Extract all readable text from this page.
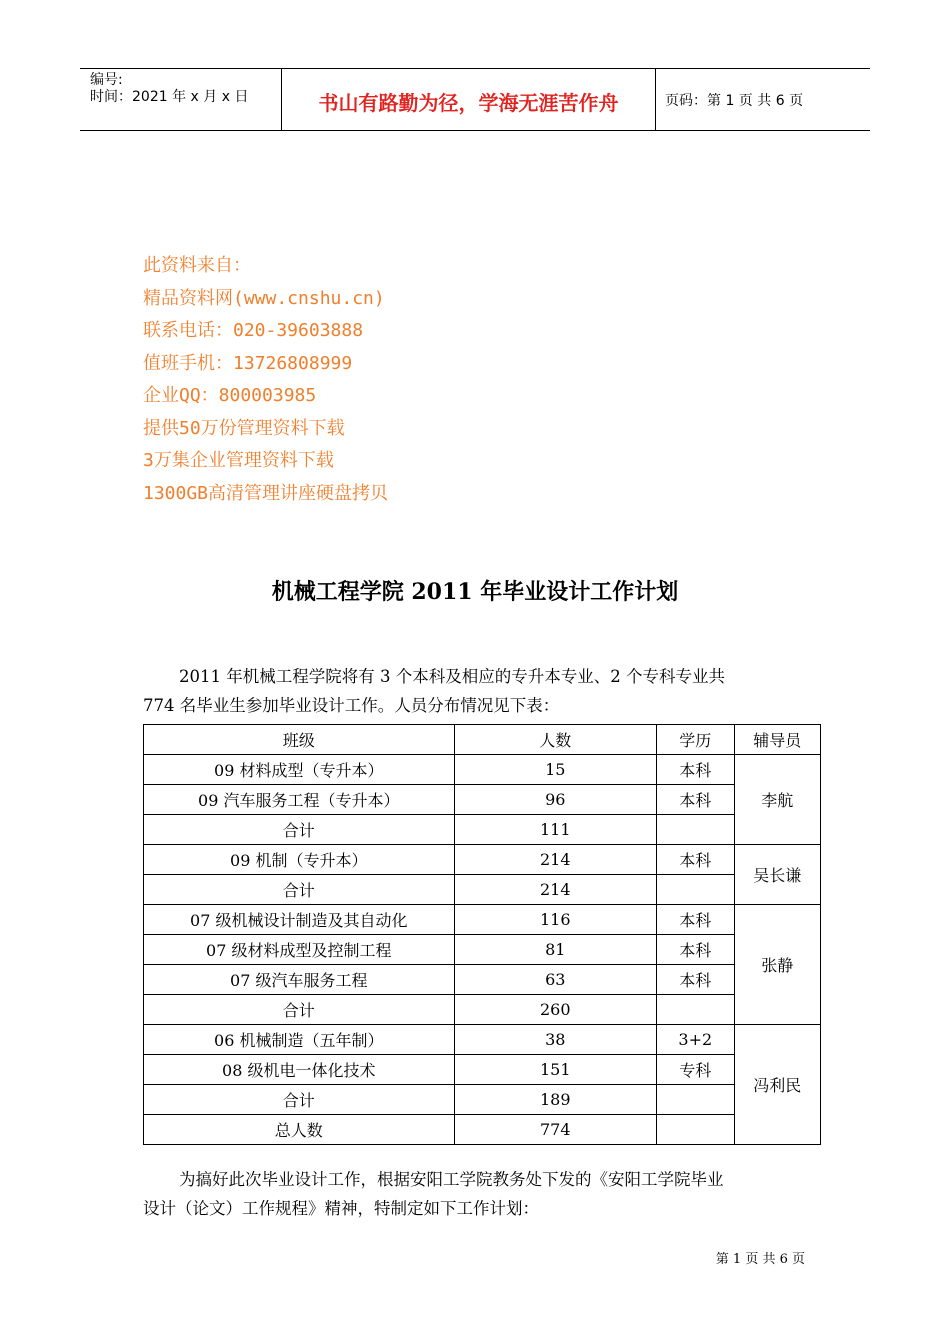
编号:
时间：2021 年 x 月 x 日	书山有路勤为径，学海无涯苦作舟	页码：第 1 页 共 6 页
此资料来自：
精品资料网(www.cnshu.cn)
联系电话：020-39603888
值班手机：13726808999
企业QQ：800003985
提供50万份管理资料下载
3万集企业管理资料下载
1300GB高清管理讲座硬盘拷贝
机械工程学院 2011 年毕业设计工作计划
2011 年机械工程学院将有 3 个本科及相应的专升本专业、2 个专科专业共
774 名毕业生参加毕业设计工作。人员分布情况见下表：
班级	人数	学历	辅导员
09 材料成型（专升本）	15	本科	李航
09 汽车服务工程（专升本）	96	本科	
合计	111		
09 机制（专升本）	214	本科	吴长谦
合计	214		
07 级机械设计制造及其自动化	116	本科	张静
07 级材料成型及控制工程	81	本科	
07 级汽车服务工程	63	本科	
合计	260		
06 机械制造（五年制）	38	3+2	冯利民
08 级机电一体化技术	151	专科	
合计	189		
总人数	774		
为搞好此次毕业设计工作，根据安阳工学院教务处下发的《安阳工学院毕业
设计（论文）工作规程》精神，特制定如下工作计划：
第 1 页 共 6 页
